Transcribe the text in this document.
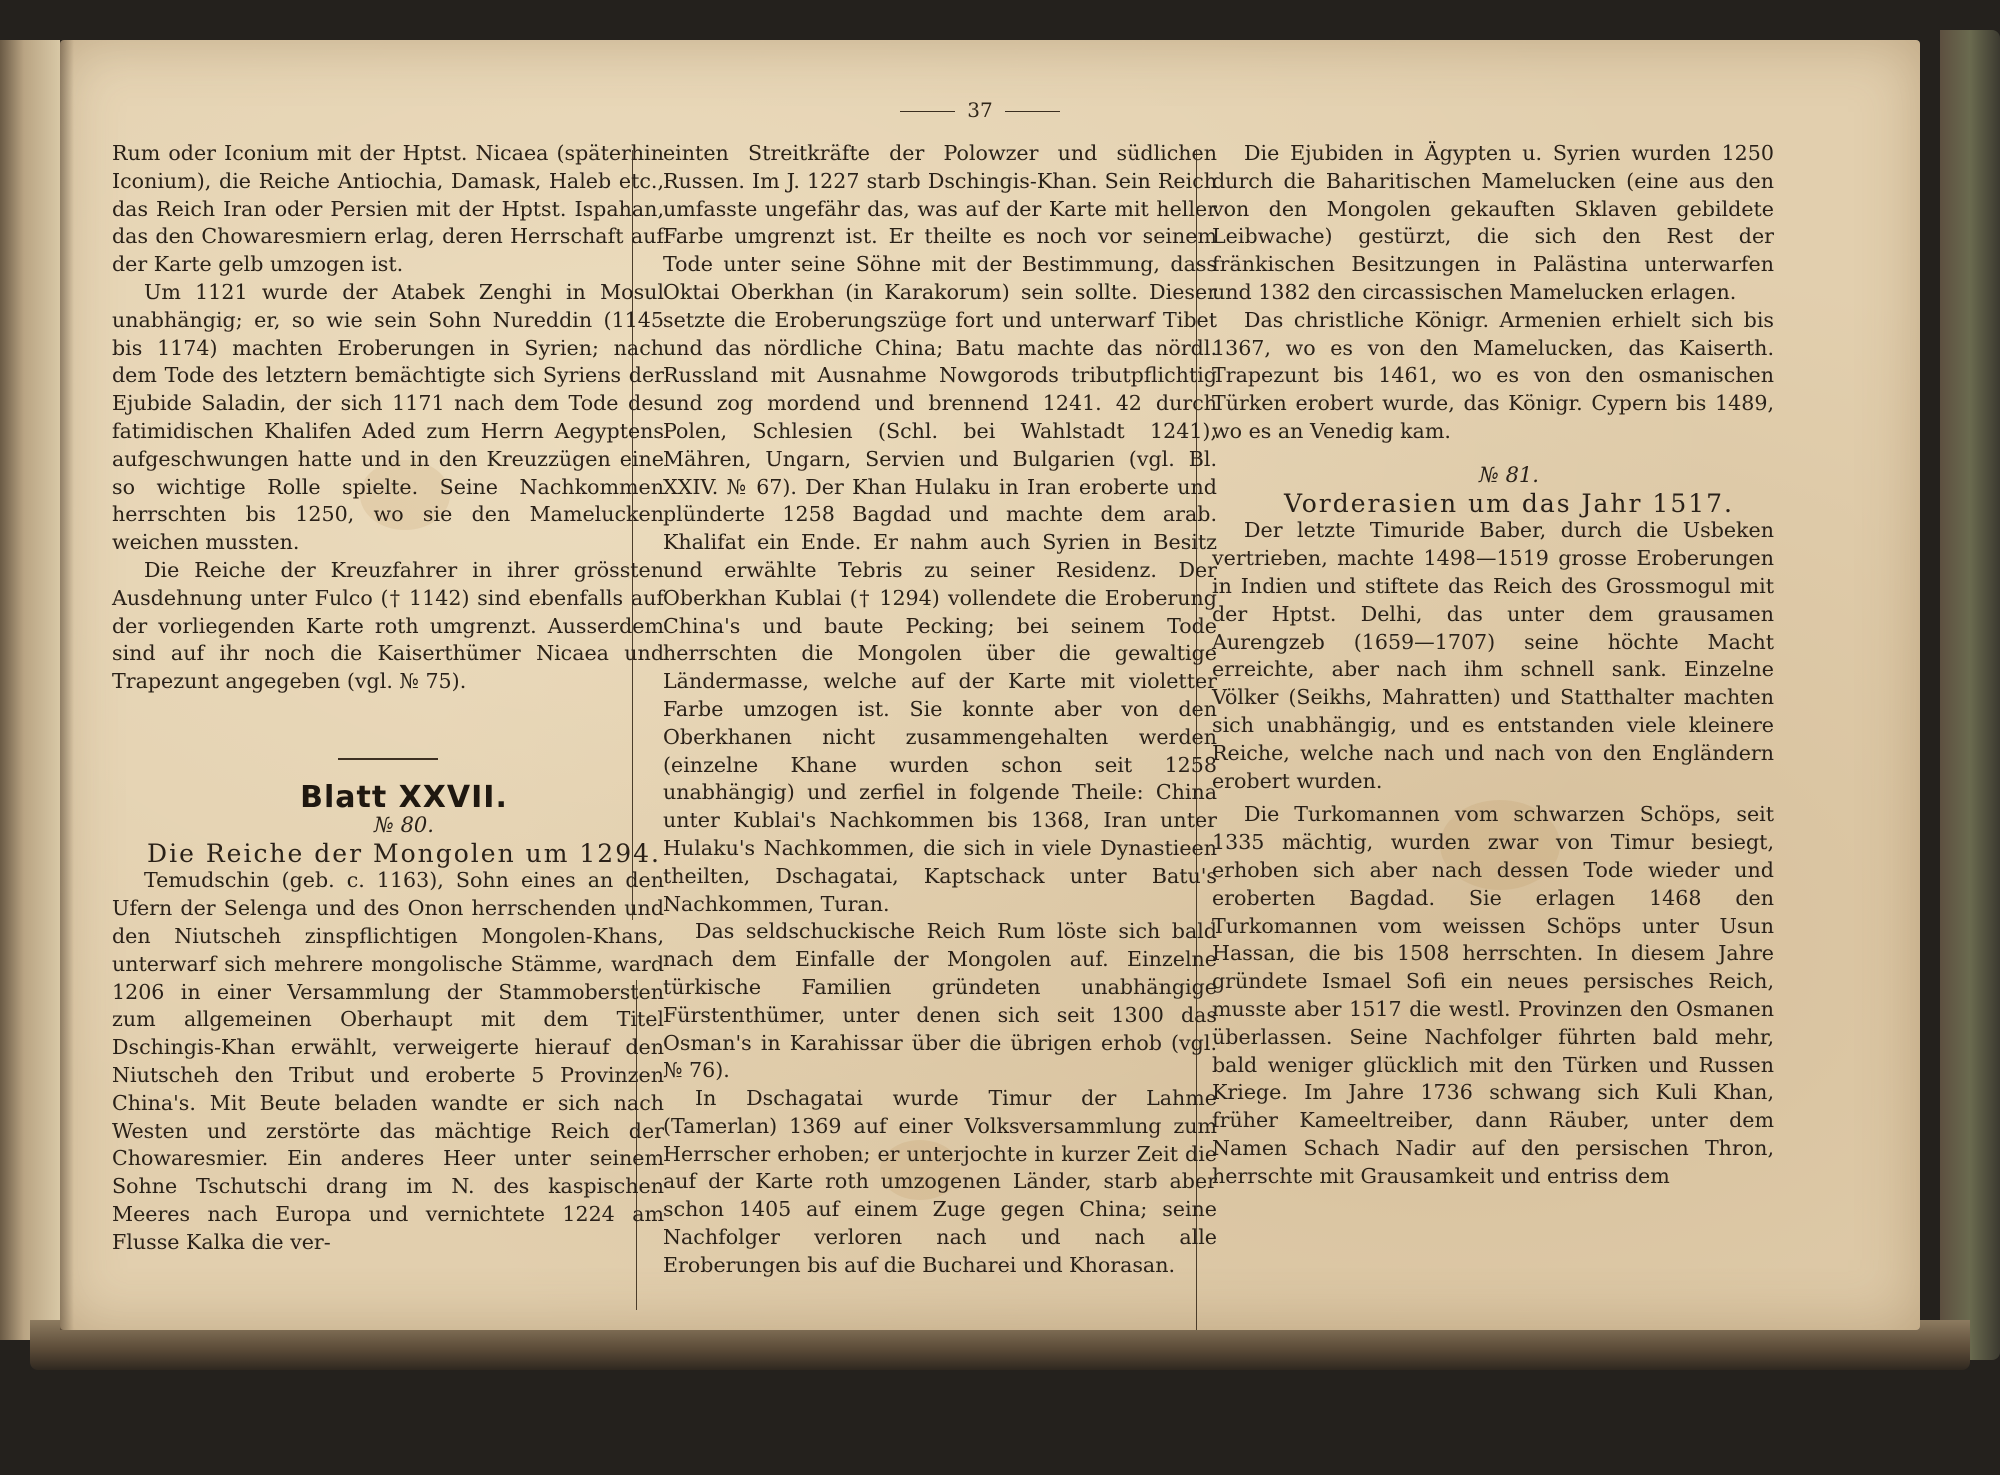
37

Rum oder Iconium mit der Hptst. Nicaea (späterhin Iconium), die Reiche Antiochia, Damask, Haleb etc., das Reich Iran oder Persien mit der Hptst. Ispahan, das den Chowaresmiern erlag, deren Herrschaft auf der Karte gelb umzogen ist.

Um 1121 wurde der Atabek Zenghi in Mosul unabhängig; er, so wie sein Sohn Nureddin (1145 bis 1174) machten Eroberungen in Syrien; nach dem Tode des letztern bemächtigte sich Syriens der Ejubide Saladin, der sich 1171 nach dem Tode des fatimidischen Khalifen Aded zum Herrn Aegyptens aufgeschwungen hatte und in den Kreuzzügen eine so wichtige Rolle spielte. Seine Nachkommen herrschten bis 1250, wo sie den Mamelucken weichen mussten.

Die Reiche der Kreuzfahrer in ihrer grössten Ausdehnung unter Fulco († 1142) sind ebenfalls auf der vorliegenden Karte roth umgrenzt. Ausserdem sind auf ihr noch die Kaiserthümer Nicaea und Trapezunt angegeben (vgl. № 75).

Blatt XXVII.

№ 80.

Die Reiche der Mongolen um 1294.

Temudschin (geb. c. 1163), Sohn eines an den Ufern der Selenga und des Onon herrschenden und den Niutscheh zinspflichtigen Mongolen-Khans, unterwarf sich mehrere mongolische Stämme, ward 1206 in einer Versammlung der Stammobersten zum allgemeinen Oberhaupt mit dem Titel Dschingis-Khan erwählt, verweigerte hierauf den Niutscheh den Tribut und eroberte 5 Provinzen China's. Mit Beute beladen wandte er sich nach Westen und zerstörte das mächtige Reich der Chowaresmier. Ein anderes Heer unter seinem Sohne Tschutschi drang im N. des kaspischen Meeres nach Europa und vernichtete 1224 am Flusse Kalka die ver-

einten Streitkräfte der Polowzer und südlichen Russen. Im J. 1227 starb Dschingis-Khan. Sein Reich umfasste ungefähr das, was auf der Karte mit heller Farbe umgrenzt ist. Er theilte es noch vor seinem Tode unter seine Söhne mit der Bestimmung, dass Oktai Oberkhan (in Karakorum) sein sollte. Dieser setzte die Eroberungszüge fort und unterwarf Tibet und das nördliche China; Batu machte das nördl. Russland mit Ausnahme Nowgorods tributpflichtig und zog mordend und brennend 1241. 42 durch Polen, Schlesien (Schl. bei Wahlstadt 1241), Mähren, Ungarn, Servien und Bulgarien (vgl. Bl. XXIV. № 67). Der Khan Hulaku in Iran eroberte und plünderte 1258 Bagdad und machte dem arab. Khalifat ein Ende. Er nahm auch Syrien in Besitz und erwählte Tebris zu seiner Residenz. Der Oberkhan Kublai († 1294) vollendete die Eroberung China's und baute Pecking; bei seinem Tode herrschten die Mongolen über die gewaltige Ländermasse, welche auf der Karte mit violetter Farbe umzogen ist. Sie konnte aber von den Oberkhanen nicht zusammengehalten werden (einzelne Khane wurden schon seit 1258 unabhängig) und zerfiel in folgende Theile: China unter Kublai's Nachkommen bis 1368, Iran unter Hulaku's Nachkommen, die sich in viele Dynastieen theilten, Dschagatai, Kaptschack unter Batu's Nachkommen, Turan.

Das seldschuckische Reich Rum löste sich bald nach dem Einfalle der Mongolen auf. Einzelne türkische Familien gründeten unabhängige Fürstenthümer, unter denen sich seit 1300 das Osman's in Karahissar über die übrigen erhob (vgl. № 76).

In Dschagatai wurde Timur der Lahme (Tamerlan) 1369 auf einer Volksversammlung zum Herrscher erhoben; er unterjochte in kurzer Zeit die auf der Karte roth umzogenen Länder, starb aber schon 1405 auf einem Zuge gegen China; seine Nachfolger verloren nach und nach alle Eroberungen bis auf die Bucharei und Khorasan.

Die Ejubiden in Ägypten u. Syrien wurden 1250 durch die Baharitischen Mamelucken (eine aus den von den Mongolen gekauften Sklaven gebildete Leibwache) gestürzt, die sich den Rest der fränkischen Besitzungen in Palästina unterwarfen und 1382 den circassischen Mamelucken erlagen.

Das christliche Königr. Armenien erhielt sich bis 1367, wo es von den Mamelucken, das Kaiserth. Trapezunt bis 1461, wo es von den osmanischen Türken erobert wurde, das Königr. Cypern bis 1489, wo es an Venedig kam.

№ 81.

Vorderasien um das Jahr 1517.

Der letzte Timuride Baber, durch die Usbeken vertrieben, machte 1498—1519 grosse Eroberungen in Indien und stiftete das Reich des Grossmogul mit der Hptst. Delhi, das unter dem grausamen Aurengzeb (1659—1707) seine höchte Macht erreichte, aber nach ihm schnell sank. Einzelne Völker (Seikhs, Mahratten) und Statthalter machten sich unabhängig, und es entstanden viele kleinere Reiche, welche nach und nach von den Engländern erobert wurden.

Die Turkomannen vom schwarzen Schöps, seit 1335 mächtig, wurden zwar von Timur besiegt, erhoben sich aber nach dessen Tode wieder und eroberten Bagdad. Sie erlagen 1468 den Turkomannen vom weissen Schöps unter Usun Hassan, die bis 1508 herrschten. In diesem Jahre gründete Ismael Sofi ein neues persisches Reich, musste aber 1517 die westl. Provinzen den Osmanen überlassen. Seine Nachfolger führten bald mehr, bald weniger glücklich mit den Türken und Russen Kriege. Im Jahre 1736 schwang sich Kuli Khan, früher Kameeltreiber, dann Räuber, unter dem Namen Schach Nadir auf den persischen Thron, herrschte mit Grausamkeit und entriss dem
